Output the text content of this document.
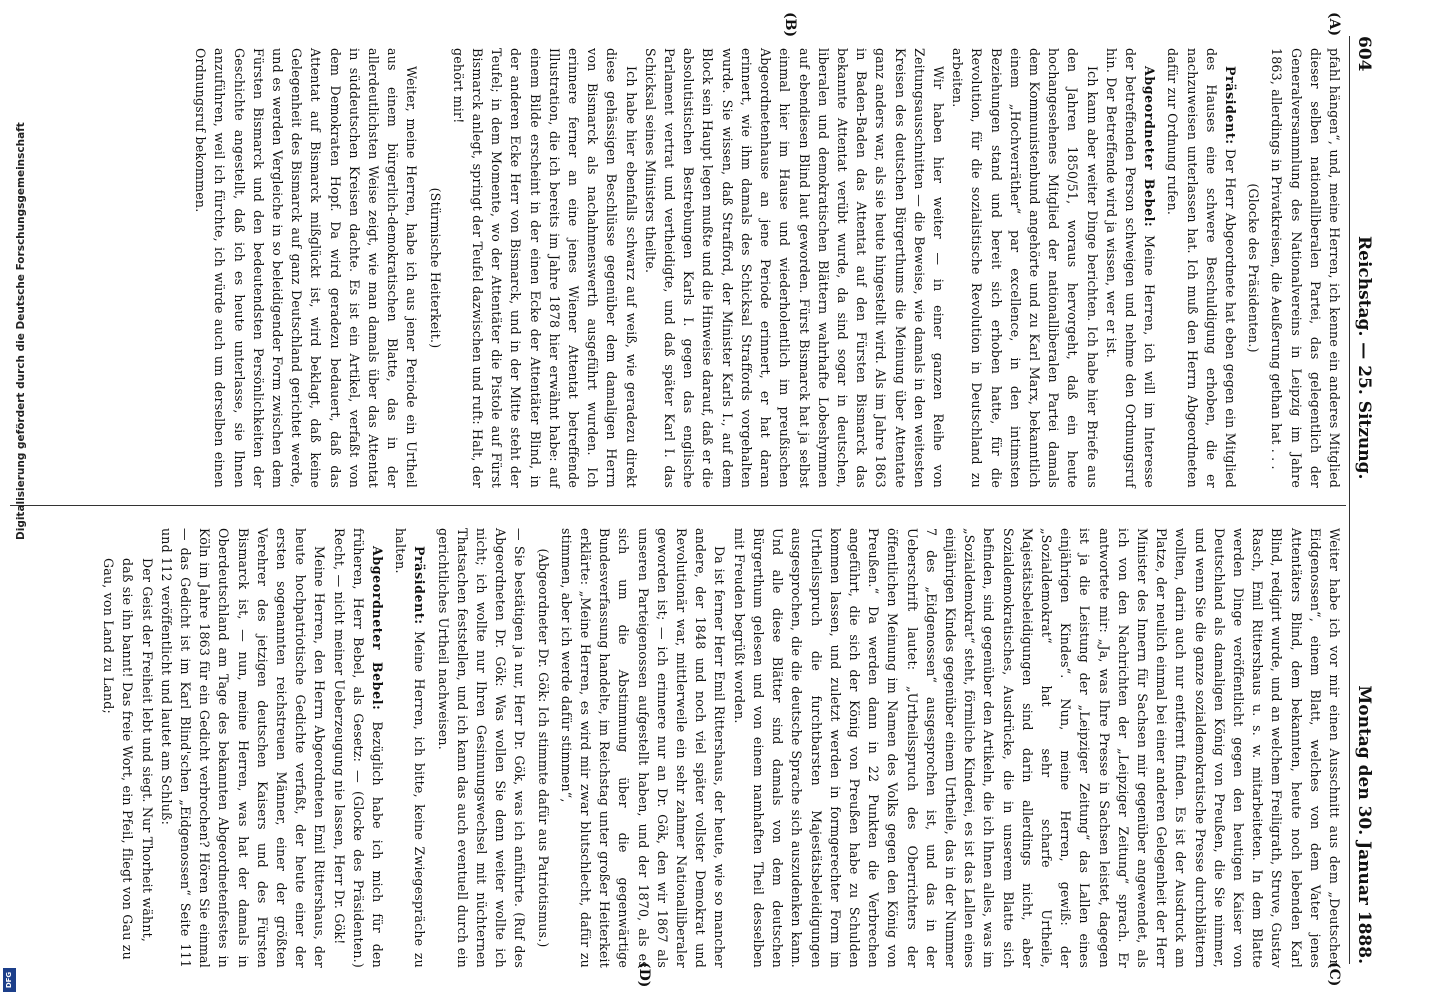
604
Reichstag. — 25. Sitzung.
Montag den 30. Januar 1888.
(A)
(B)
(C)
(D)

pfahl hängen“, und, meine Herren, ich kenne ein anderes Mitglied dieser selben nationalliberalen Partei, das gelegentlich der Generalversammlung des Nationalvereins in Leipzig im Jahre 1863, allerdings in Privatkreisen, die Aeußerung gethan hat . . .

(Glocke des Präsidenten.)

Präsident: Der Herr Abgeordnete hat eben gegen ein Mitglied des Hauses eine schwere Beschuldigung erhoben, die er nachzuweisen unterlassen hat. Ich muß den Herrn Abgeordneten dafür zur Ordnung rufen.

Abgeordneter Bebel: Meine Herren, ich will im Interesse der betreffenden Person schweigen und nehme den Ordnungsruf hin. Der Betreffende wird ja wissen, wer er ist.

Ich kann aber weiter Dinge berichten. Ich habe hier Briefe aus den Jahren 1850/51, woraus hervorgeht, daß ein heute hochangesehenes Mitglied der nationalliberalen Partei damals dem Kommunistenbund angehörte und zu Karl Marx, bekanntlich einem „Hochverräther“ par excellence, in den intimsten Beziehungen stand und bereit sich erhoben hatte, für die Revolution, für die sozialistische Revolution in Deutschland zu arbeiten.

Wir haben hier weiter — in einer ganzen Reihe von Zeitungsausschnitten — die Beweise, wie damals in den weitesten Kreisen des deutschen Bürgerthums die Meinung über Attentate ganz anders war, als sie heute hingestellt wird. Als im Jahre 1863 in Baden-Baden das Attentat auf den Fürsten Bismarck das bekannte Attentat verübt wurde, da sind sogar in deutschen, liberalen und demokratischen Blättern wahrhafte Lobeshymnen auf ebendiesen Blind laut geworden. Fürst Bismarck hat ja selbst einmal hier im Hause und wiederholentlich im preußischen Abgeordnetenhause an jene Periode erinnert, er hat daran erinnert, wie ihm damals des Schicksal Straffords vorgehalten wurde. Sie wissen, daß Strafford, der Minister Karls I., auf dem Block sein Haupt legen mußte und die Hinweise darauf, daß er die absolutistischen Bestrebungen Karls I. gegen das englische Parlament vertrat und vertheidigte, und daß später Karl I. das Schicksal seines Ministers theilte.

Ich habe hier ebenfalls schwarz auf weiß, wie geradezu direkt diese gehässigen Beschlüsse gegenüber dem damaligen Herrn von Bismarck als nachahmenswerth ausgeführt wurden. Ich erinnere ferner an eine jenes Wiener Attentat betreffende Illustration, die ich bereits im Jahre 1878 hier erwähnt habe: auf einem Bilde erscheint in der einen Ecke der Attentäter Blind, in der anderen Ecke Herr von Bismarck, und in der Mitte steht der Teufel; in dem Momente, wo der Attentäter die Pistole auf Fürst Bismarck anlegt, springt der Teufel dazwischen und ruft: Halt, der gehört mir!

(Stürmische Heiterkeit.)

Weiter, meine Herren, habe ich aus jener Periode ein Urtheil aus einem bürgerlich-demokratischen Blatte, das in der allerdeutlichsten Weise zeigt, wie man damals über das Attentat in süddeutschen Kreisen dachte. Es ist ein Artikel, verfaßt von dem Demokraten Hopf. Da wird geradezu bedauert, daß das Attentat auf Bismarck mißglückt ist, wird beklagt, daß keine Gelegenheit des Bismarck auf ganz Deutschland gerichtet werde, und es werden Vergleiche in so beleidigender Form zwischen dem Fürsten Bismarck und den bedeutendsten Persönlichkeiten der Geschichte angestellt, daß ich es heute unterlasse, sie Ihnen anzuführen, weil ich fürchte, ich würde auch um derselben einen Ordnungsruf bekommen.

Weiter habe ich vor mir einen Ausschnitt aus dem „Deutschen Eidgenossen“, einem Blatt, welches von dem Vater jenes Attentäters Blind, dem bekannten, heute noch lebenden Karl Blind, redigirt wurde, und an welchem Freiligrath, Struve, Gustav Rasch, Emil Rittershaus u. s. w. mitarbeiteten. In dem Blatte werden Dinge veröffentlicht gegen den heutigen Kaiser von Deutschland als damaligen König von Preußen, die Sie nimmer, und wenn Sie die ganze sozialdemokratische Presse durchblättern wollten, darin auch nur entfernt finden. Es ist der Ausdruck am Platze, der neulich einmal bei einer anderen Gelegenheit der Herr Minister des Innern für Sachsen mir gegenüber angewendet, als ich von den Nachrichten der „Leipziger Zeitung“ sprach. Er antwortete mir: „Ja, was Ihre Presse in Sachsen leistet, dagegen ist ja die Leistung der „Leipziger Zeitung“ das Lallen eines einjährigen Kindes“. Nun, meine Herren, gewiß: der „Sozialdemokrat“ hat sehr scharfe Urtheile, Majestätsbeleidigungen sind darin allerdings nicht, aber Sozialdemokratisches, Ausdrücke, die in unserem Blatte sich befinden, sind gegenüber den Artikeln, die ich Ihnen alles, was im „Sozialdemokrat“ steht, förmliche Kinderei, es ist das Lallen eines einjährigen Kindes gegenüber einem Urtheile, das in der Nummer 7 des „Eidgenossen“ ausgesprochen ist, und das in der Ueberschrift lautet: „Urtheilsspruch des Oberrichters der öffentlichen Meinung im Namen des Volks gegen den König von Preußen.“ Da werden dann in 22 Punkten die Verbrechen angeführt, die sich der König von Preußen habe zu Schulden kommen lassen, und zuletzt werden in formgerechter Form im Urtheilsspruch die furchtbarsten Majestätsbeleidigungen ausgesprochen, die die deutsche Sprache sich auszudenken kann. Und alle diese Blätter sind damals von dem deutschen Bürgerthum gelesen und von einem namhaften Theil desselben mit Freuden begrüßt worden.

Da ist ferner Herr Emil Rittershaus, der heute, wie so mancher andere, der 1848 und noch viel später vollster Demokrat und Revolutionär war, mittlerweile ein sehr zahmer Nationalliberaler geworden ist; — ich erinnere nur an Dr. Gök, den wir 1867 als unseren Parteigenossen aufgestellt haben, und der 1870, als es sich um die Abstimmung über die gegenwärtige Bundesverfassung handelte, im Reichstag unter großer Heiterkeit erklärte: „Meine Herren, es wird mir zwar blutschlecht, dafür zu stimmen, aber ich werde dafür stimmen“,

(Abgeordneter Dr. Gök: Ich stimmte dafür aus Patriotismus.)

— Sie bestätigen ja nur, Herr Dr. Gök, was ich anführte. (Ruf des Abgeordneten Dr. Gök: Was wollen Sie denn weiter wollte ich nicht; ich wollte nur Ihren Gesinnungswechsel mit nüchternen Thatsachen feststellen, und ich kann das auch eventuell durch ein gerichtliches Urtheil nachweisen.

Präsident: Meine Herren, ich bitte, keine Zwiegespräche zu halten.

Abgeordneter Bebel: Bezüglich habe ich mich für den früheren, Herr Bebel, als Gesetz: — (Glocke des Präsidenten.) Recht, — nicht meiner Ueberzeugung nie lassen, Herr Dr. Gök!

Meine Herren, den Herrn Abgeordneten Emil Rittershaus, der heute hochpatriotische Gedichte verfaßt, der heute einer der ersten sogenannten reichstreuen Männer, einer der größten Verehrer des jetzigen deutschen Kaisers und des Fürsten Bismarck ist, — nun, meine Herren, was hat der damals in Oberdeutschland am Tage des bekannten Abgeordnetenfestes in Köln im Jahre 1863 für ein Gedicht verbrochen? Hören Sie einmal — das Gedicht ist im Karl Blind'schen „Eidgenossen“ Seite 111 und 112 veröffentlicht und lautet am Schluß:

Der Geist der Freiheit lebt und siegt. Nur Thorheit wähnt, daß sie ihn bannt! Das freie Wort, ein Pfeil, fliegt von Gau zu Gau, von Land zu Land;

Digitalisierung gefördert durch die Deutsche Forschungsgemeinschaft
DFG
